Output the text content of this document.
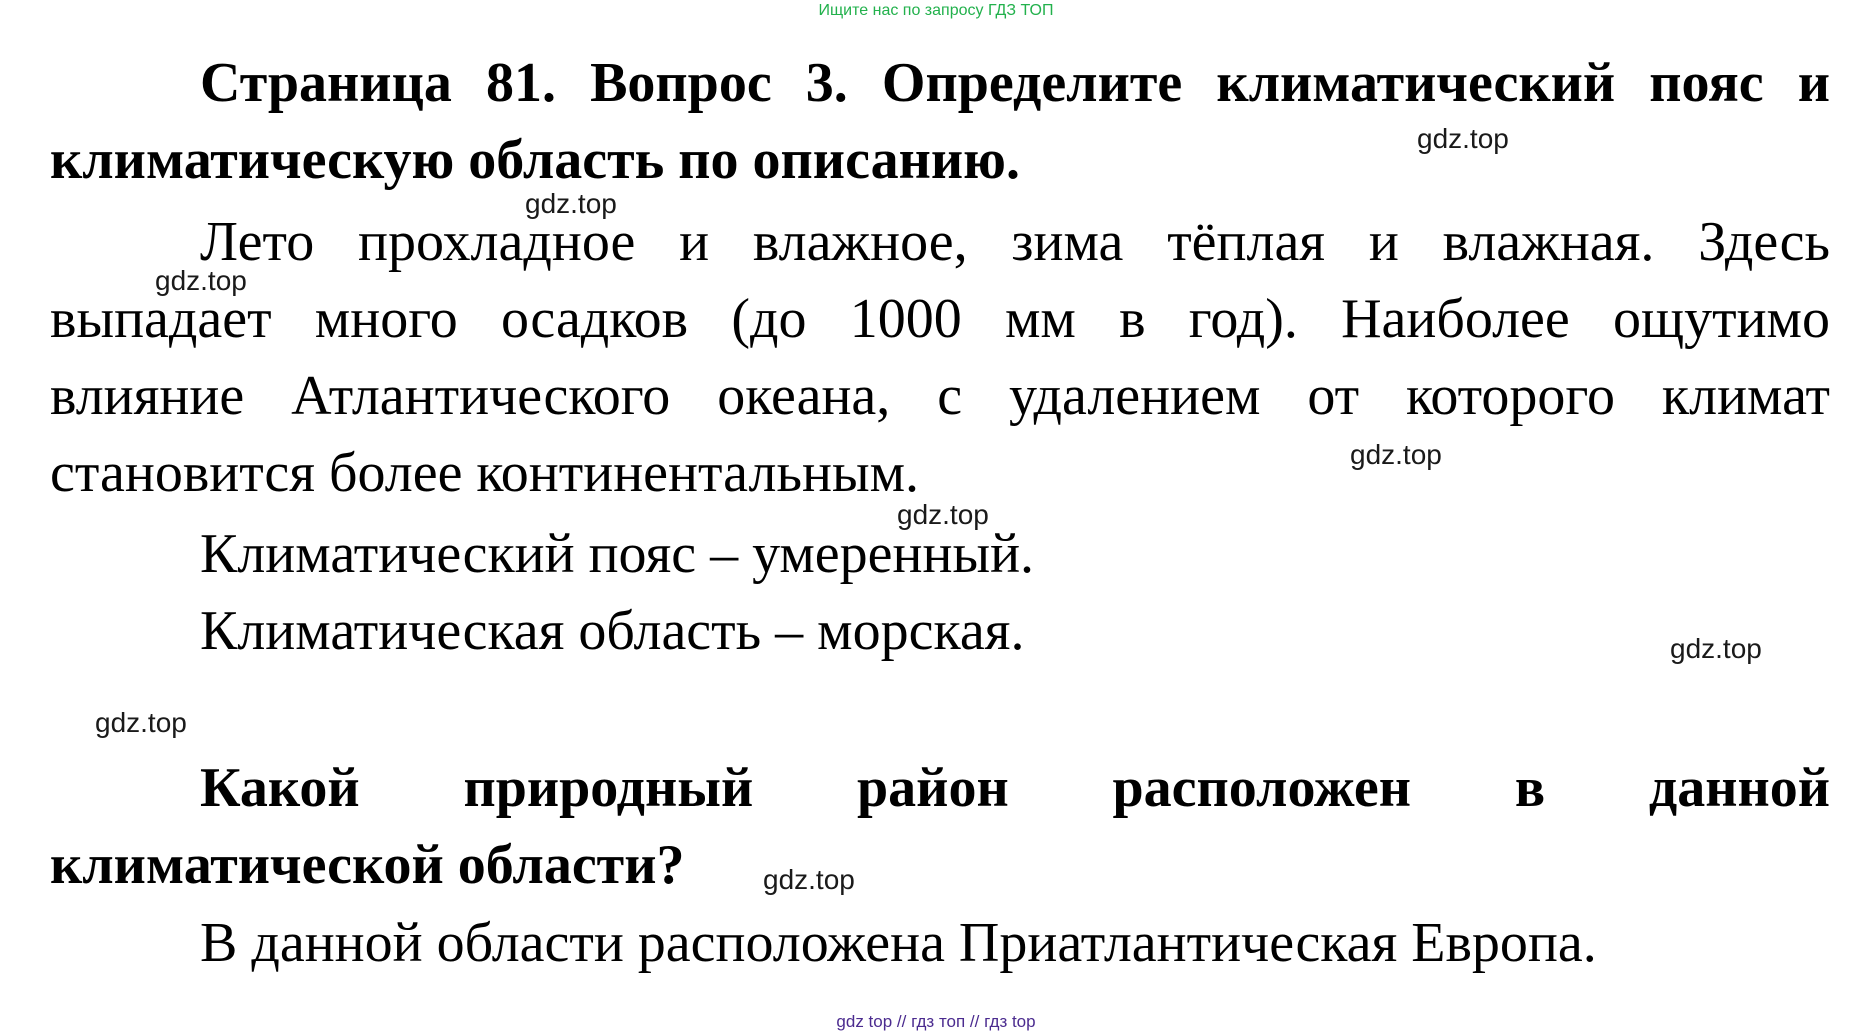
Ищите нас по запросу ГДЗ ТОП
Страница 81. Вопрос 3. Определите климатический пояс и
климатическую область по описанию.
Лето прохладное и влажное, зима тёплая и влажная. Здесь
выпадает много осадков (до 1000 мм в год). Наиболее ощутимо
влияние Атлантического океана, с удалением от которого климат
становится более континентальным.
Климатический пояс – умеренный.
Климатическая область – морская.
Какой природный район расположен в данной
климатической области?
В данной области расположена Приатлантическая Европа.
gdz.top
gdz.top
gdz.top
gdz.top
gdz.top
gdz.top
gdz.top
gdz.top
gdz top // гдз топ // гдз top
